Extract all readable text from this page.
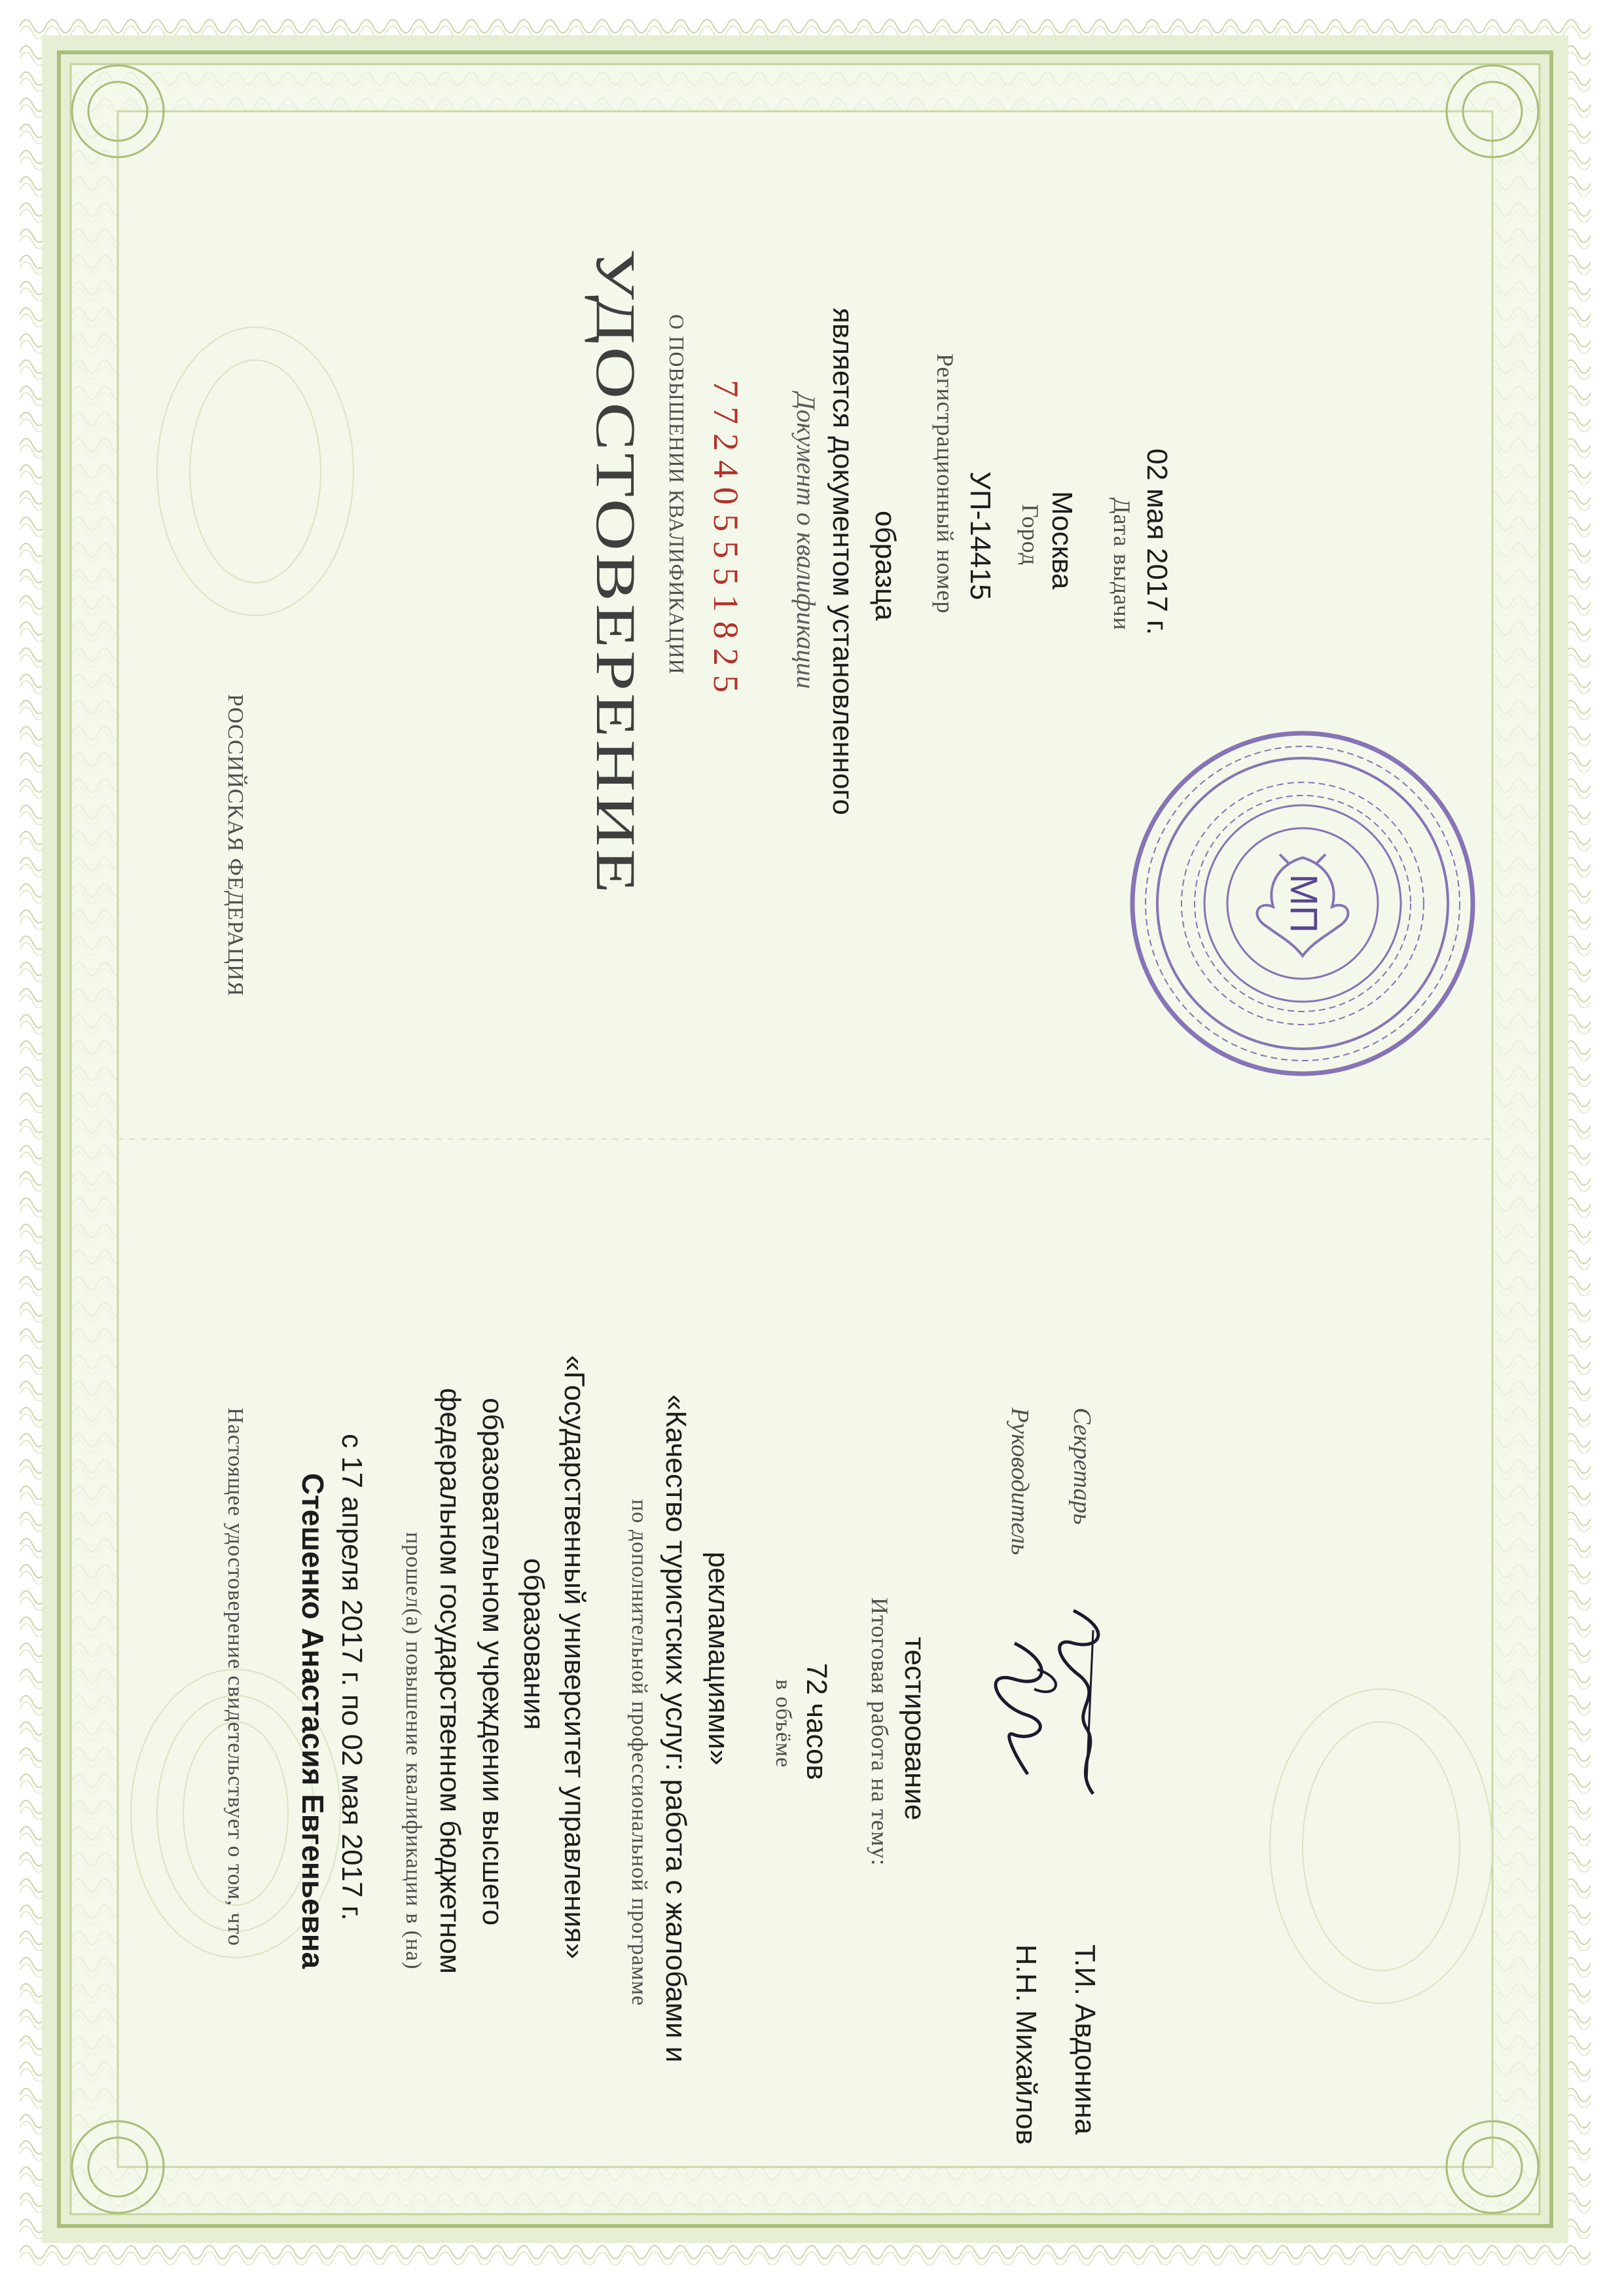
РОССИЙСКАЯ ФЕДЕРАЦИЯ	УДОСТОВЕРЕНИЕ О ПОВЫШЕНИИ КВАЛИФИКАЦИИ 772405551825 Документ о квалификации является документом установленного образца Регистрационный номер УП-14415 Город Москва Дата выдачи 02 мая 2017 г.
Настоящее удостоверение свидетельствует о том, что Стешенко Анастасия Евгеньевна с 17 апреля 2017 г. по 02 мая 2017 г. прошел(а) повышение квалификации в (на) федеральном государственном бюджетном образовательном учреждении высшего образования «Государственный университет управления» по дополнительной профессиональной программе «Качество туристских услуг: работа с жалобами и рекламациями» в объёме 72 часов Итоговая работа на тему: тестирование
Руководитель
Н.Н. Михайлов
Секретарь
Т.И. Авдонина
МП
